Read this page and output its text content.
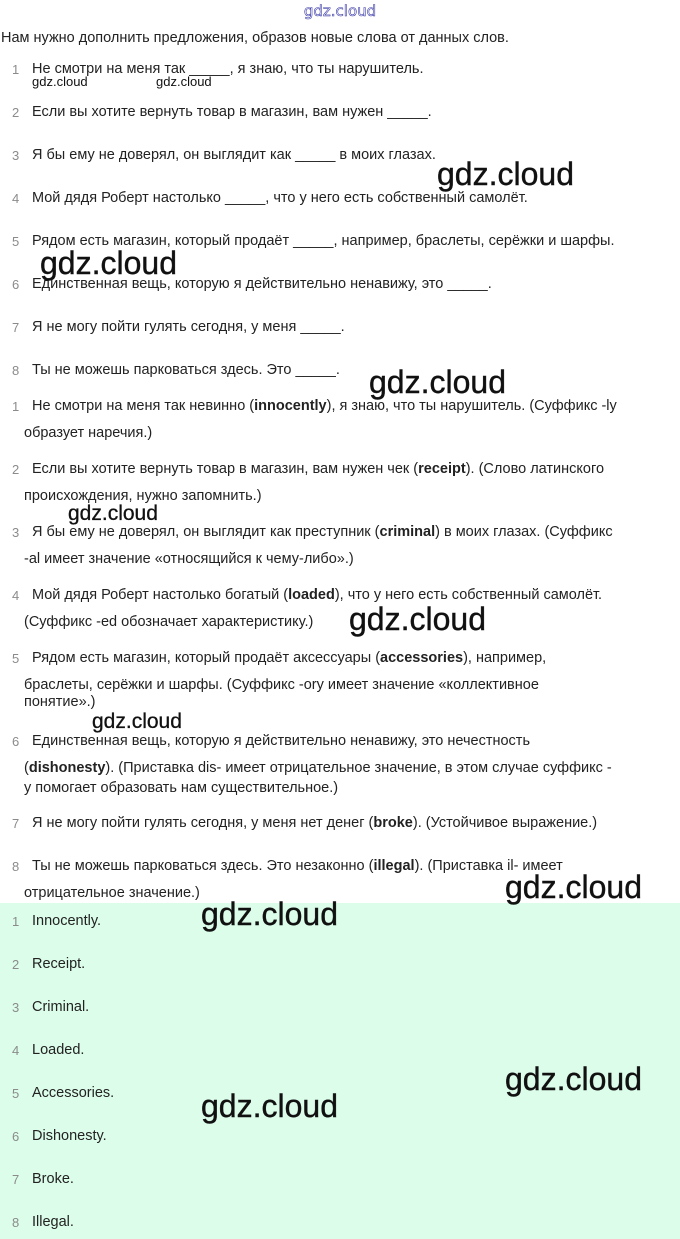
gdz.cloud
Нам нужно дополнить предложения, образов новые слова от данных слов.
1 Не смотри на меня так _____, я знаю, что ты нарушитель.
2 Если вы хотите вернуть товар в магазин, вам нужен _____.
3 Я бы ему не доверял, он выглядит как _____ в моих глазах.
4 Мой дядя Роберт настолько _____, что у него есть собственный самолёт.
5 Рядом есть магазин, который продаёт _____, например, браслеты, серёжки и шарфы.
6 Единственная вещь, которую я действительно ненавижу, это _____.
7 Я не могу пойти гулять сегодня, у меня _____.
8 Ты не можешь парковаться здесь. Это _____.
1 Не смотри на меня так невинно (innocently), я знаю, что ты нарушитель. (Суффикс -ly
образует наречия.)
2 Если вы хотите вернуть товар в магазин, вам нужен чек (receipt). (Слово латинского
происхождения, нужно запомнить.)
3 Я бы ему не доверял, он выглядит как преступник (criminal) в моих глазах. (Суффикс
-al имеет значение «относящийся к чему-либо».)
4 Мой дядя Роберт настолько богатый (loaded), что у него есть собственный самолёт.
(Суффикс -ed обозначает характеристику.)
5 Рядом есть магазин, который продаёт аксессуары (accessories), например,
браслеты, серёжки и шарфы. (Суффикс -ory имеет значение «коллективное
понятие».)
6 Единственная вещь, которую я действительно ненавижу, это нечестность
(dishonesty). (Приставка dis- имеет отрицательное значение, в этом случае суффикс -
y помогает образовать нам существительное.)
7 Я не могу пойти гулять сегодня, у меня нет денег (broke). (Устойчивое выражение.)
8 Ты не можешь парковаться здесь. Это незаконно (illegal). (Приставка il- имеет
отрицательное значение.)
1 Innocently.
2 Receipt.
3 Criminal.
4 Loaded.
5 Accessories.
6 Dishonesty.
7 Broke.
8 Illegal.
gdz.cloud	gdz.cloud
gdz.cloud
gdz.cloud
gdz.cloud
gdz.cloud
gdz.cloud
gdz.cloud
gdz.cloud
gdz.cloud
gdz.cloud
gdz.cloud
